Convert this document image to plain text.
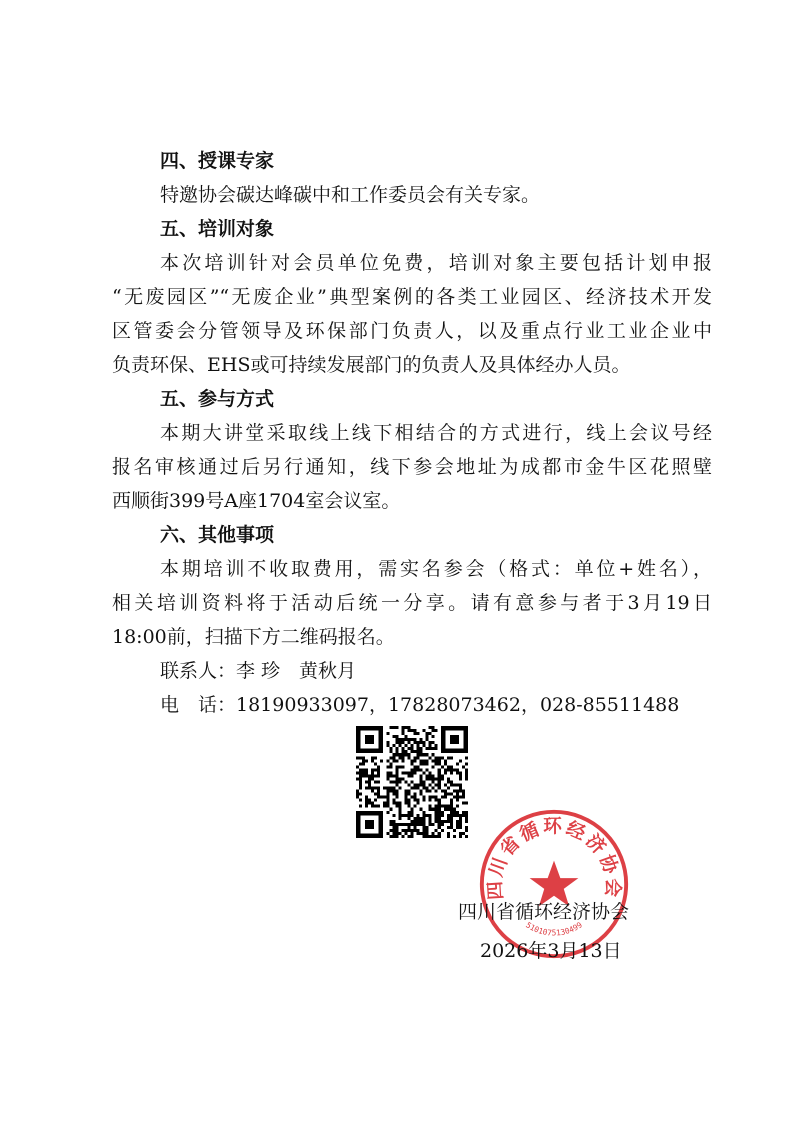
四、授课专家
特邀协会碳达峰碳中和工作委员会有关专家。
五、培训对象
本次培训针对会员单位免费，培训对象主要包括计划申报
“无废园区”“无废企业”典型案例的各类工业园区、经济技术开发
区管委会分管领导及环保部门负责人，以及重点行业工业企业中
负责环保、EHS或可持续发展部门的负责人及具体经办人员。
五、参与方式
本期大讲堂采取线上线下相结合的方式进行，线上会议号经
报名审核通过后另行通知，线下参会地址为成都市金牛区花照壁
西顺街399号A座1704室会议室。
六、其他事项
本期培训不收取费用，需实名参会（格式：单位+姓名），
相关培训资料将于活动后统一分享。请有意参与者于3月19日
18:00前，扫描下方二维码报名。
联系人：李 珍　黄秋月
电　话：18190933097，17828073462，028-85511488
四川省循环经济协会
5101075130499
四川省循环经济协会
2026年3月13日
